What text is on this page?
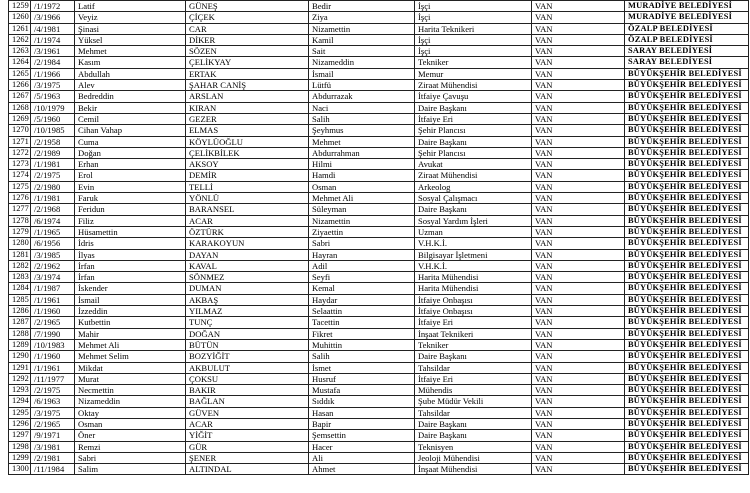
1259	/1/1972	Latif	GÜNEŞ	Bedir	İşçi	VAN	MURADİYE BELEDİYESİ
1260	/3/1966	Veyiz	ÇİÇEK	Ziya	İşçi	VAN	MURADİYE BELEDİYESİ
1261	/4/1981	Şinasi	CAR	Nizamettin	Harita Teknikeri	VAN	ÖZALP BELEDİYESİ
1262	/1/1974	Yüksel	DİKER	Kamil	İşçi	VAN	ÖZALP BELEDİYESİ
1263	/3/1961	Mehmet	SÖZEN	Sait	İşçi	VAN	SARAY BELEDİYESİ
1264	/2/1984	Kasım	ÇELİKYAY	Nizameddin	Tekniker	VAN	SARAY BELEDİYESİ
1265	/1/1966	Abdullah	ERTAK	İsmail	Memur	VAN	BÜYÜKŞEHİR BELEDİYESİ
1266	/3/1975	Alev	ŞAHAR CANİŞ	Lütfü	Ziraat Mühendisi	VAN	BÜYÜKŞEHİR BELEDİYESİ
1267	/5/1963	Bedreddin	ARSLAN	Abdurrazak	İtfaiye Çavuşu	VAN	BÜYÜKŞEHİR BELEDİYESİ
1268	/10/1979	Bekir	KIRAN	Naci	Daire Başkanı	VAN	BÜYÜKŞEHİR BELEDİYESİ
1269	/5/1960	Cemil	GEZER	Salih	İtfaiye Eri	VAN	BÜYÜKŞEHİR BELEDİYESİ
1270	/10/1985	Cihan Vahap	ELMAS	Şeyhmus	Şehir Plancısı	VAN	BÜYÜKŞEHİR BELEDİYESİ
1271	/2/1958	Cuma	KÖYLÜOĞLU	Mehmet	Daire Başkanı	VAN	BÜYÜKŞEHİR BELEDİYESİ
1272	/2/1989	Doğan	ÇELİKBİLEK	Abdurrahman	Şehir Plancısı	VAN	BÜYÜKŞEHİR BELEDİYESİ
1273	/1/1981	Erhan	AKSOY	Hilmi	Avukat	VAN	BÜYÜKŞEHİR BELEDİYESİ
1274	/2/1975	Erol	DEMİR	Hamdi	Ziraat Mühendisi	VAN	BÜYÜKŞEHİR BELEDİYESİ
1275	/2/1980	Evin	TELLİ	Osman	Arkeolog	VAN	BÜYÜKŞEHİR BELEDİYESİ
1276	/1/1981	Faruk	YÖNLÜ	Mehmet Ali	Sosyal Çalışmacı	VAN	BÜYÜKŞEHİR BELEDİYESİ
1277	/2/1968	Feridun	BARANSEL	Süleyman	Daire Başkanı	VAN	BÜYÜKŞEHİR BELEDİYESİ
1278	/6/1974	Filiz	ACAR	Nizamettin	Sosyal Yardım İşleri	VAN	BÜYÜKŞEHİR BELEDİYESİ
1279	/1/1965	Hüsamettin	ÖZTÜRK	Ziyaettin	Uzman	VAN	BÜYÜKŞEHİR BELEDİYESİ
1280	/6/1956	İdris	KARAKOYUN	Sabri	V.H.K.İ.	VAN	BÜYÜKŞEHİR BELEDİYESİ
1281	/3/1985	İlyas	DAYAN	Hayran	Bilgisayar İşletmeni	VAN	BÜYÜKŞEHİR BELEDİYESİ
1282	/2/1962	İrfan	KAVAL	Adil	V.H.K.İ.	VAN	BÜYÜKŞEHİR BELEDİYESİ
1283	/3/1974	İrfan	SÖNMEZ	Seyfi	Harita Mühendisi	VAN	BÜYÜKŞEHİR BELEDİYESİ
1284	/1/1987	İskender	DUMAN	Kemal	Harita Mühendisi	VAN	BÜYÜKŞEHİR BELEDİYESİ
1285	/1/1961	İsmail	AKBAŞ	Haydar	İtfaiye Onbaşısı	VAN	BÜYÜKŞEHİR BELEDİYESİ
1286	/1/1960	İzzeddin	YILMAZ	Selaattin	İtfaiye Onbaşısı	VAN	BÜYÜKŞEHİR BELEDİYESİ
1287	/2/1965	Kutbettin	TUNÇ	Tacettin	İtfaiye Eri	VAN	BÜYÜKŞEHİR BELEDİYESİ
1288	/7/1990	Mahir	DOĞAN	Fikret	İnşaat Teknikeri	VAN	BÜYÜKŞEHİR BELEDİYESİ
1289	/10/1983	Mehmet Ali	BÜTÜN	Muhittin	Tekniker	VAN	BÜYÜKŞEHİR BELEDİYESİ
1290	/1/1960	Mehmet Selim	BOZYİĞİT	Salih	Daire Başkanı	VAN	BÜYÜKŞEHİR BELEDİYESİ
1291	/1/1961	Mikdat	AKBULUT	İsmet	Tahsildar	VAN	BÜYÜKŞEHİR BELEDİYESİ
1292	/11/1977	Murat	ÇOKSU	Husruf	İtfaiye Eri	VAN	BÜYÜKŞEHİR BELEDİYESİ
1293	/2/1975	Necmettin	BAKIR	Mustafa	Mühendis	VAN	BÜYÜKŞEHİR BELEDİYESİ
1294	/6/1963	Nizameddin	BAĞLAN	Sıddık	Şube Müdür Vekili	VAN	BÜYÜKŞEHİR BELEDİYESİ
1295	/3/1975	Oktay	GÜVEN	Hasan	Tahsildar	VAN	BÜYÜKŞEHİR BELEDİYESİ
1296	/2/1965	Osman	ACAR	Bapir	Daire Başkanı	VAN	BÜYÜKŞEHİR BELEDİYESİ
1297	/9/1971	Öner	YİĞİT	Şemsettin	Daire Başkanı	VAN	BÜYÜKŞEHİR BELEDİYESİ
1298	/3/1981	Remzi	GÜR	Hacer	Teknisyen	VAN	BÜYÜKŞEHİR BELEDİYESİ
1299	/2/1981	Sabri	ŞENER	Ali	Jeoloji Mühendisi	VAN	BÜYÜKŞEHİR BELEDİYESİ
1300	/11/1984	Salim	ALTINDAL	Ahmet	İnşaat Mühendisi	VAN	BÜYÜKŞEHİR BELEDİYESİ
